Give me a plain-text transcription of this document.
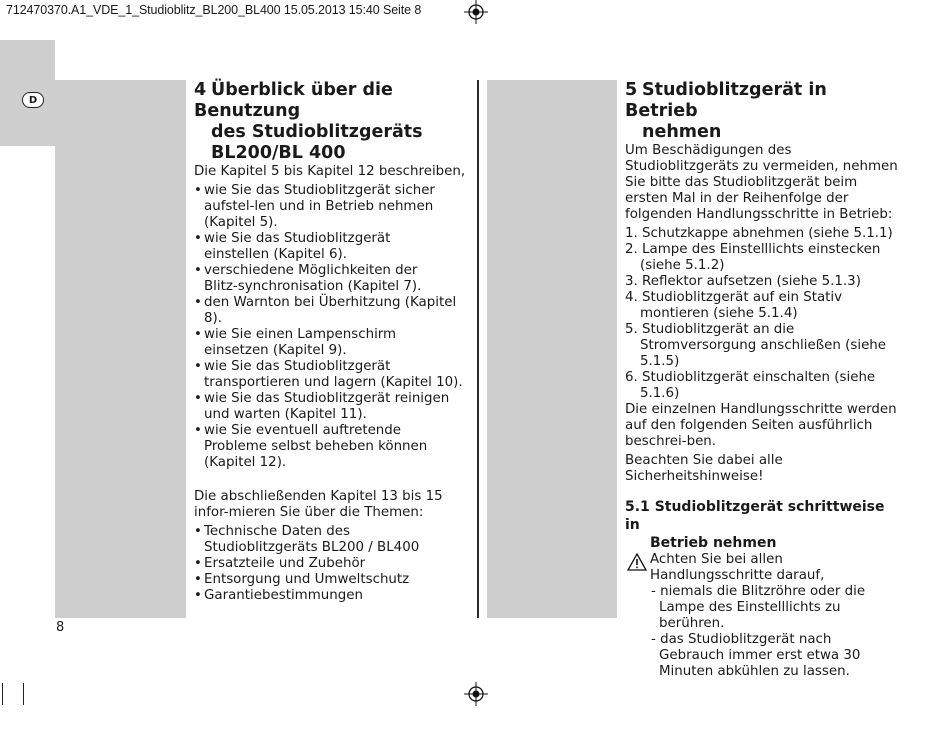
712470370.A1_VDE_1_Studioblitz_BL200_BL400 15.05.2013 15:40 Seite 8
D
4 Überblick über die Benutzung
des Studioblitzgeräts
BL200/BL 400

Die Kapitel 5 bis Kapitel 12 beschreiben,

• wie Sie das Studioblitzgerät sicher aufstel-len und in Betrieb nehmen (Kapitel 5).

• wie Sie das Studioblitzgerät einstellen (Kapitel 6).

• verschiedene Möglichkeiten der Blitz-synchronisation (Kapitel 7).

• den Warnton bei Überhitzung (Kapitel 8).

• wie Sie einen Lampenschirm einsetzen (Kapitel 9).

• wie Sie das Studioblitzgerät transportieren und lagern (Kapitel 10).

• wie Sie das Studioblitzgerät reinigen und warten (Kapitel 11).

• wie Sie eventuell auftretende Probleme selbst beheben können (Kapitel 12).

Die abschließenden Kapitel 13 bis 15 infor-mieren Sie über die Themen:

• Technische Daten des Studioblitzgeräts BL200 / BL400

• Ersatzteile und Zubehör

• Entsorgung und Umweltschutz

• Garantiebestimmungen

5 Studioblitzgerät in Betrieb
nehmen

Um Beschädigungen des Studioblitzgeräts zu vermeiden, nehmen Sie bitte das Studioblitzgerät beim ersten Mal in der Reihenfolge der folgenden Handlungsschritte in Betrieb:

1. Schutzkappe abnehmen (siehe 5.1.1)

2. Lampe des Einstelllichts einstecken (siehe 5.1.2)

3. Reflektor aufsetzen (siehe 5.1.3)

4. Studioblitzgerät auf ein Stativ montieren (siehe 5.1.4)

5. Studioblitzgerät an die Stromversorgung anschließen (siehe 5.1.5)

6. Studioblitzgerät einschalten (siehe 5.1.6)

Die einzelnen Handlungsschritte werden auf den folgenden Seiten ausführlich beschrei-ben.

Beachten Sie dabei alle Sicherheitshinweise!

5.1 Studioblitzgerät schrittweise in
Betrieb nehmen

Achten Sie bei allen Handlungsschritte darauf,

- niemals die Blitzröhre oder die Lampe des Einstelllichts zu berühren.

- das Studioblitzgerät nach Gebrauch immer erst etwa 30 Minuten abkühlen zu lassen.

8
